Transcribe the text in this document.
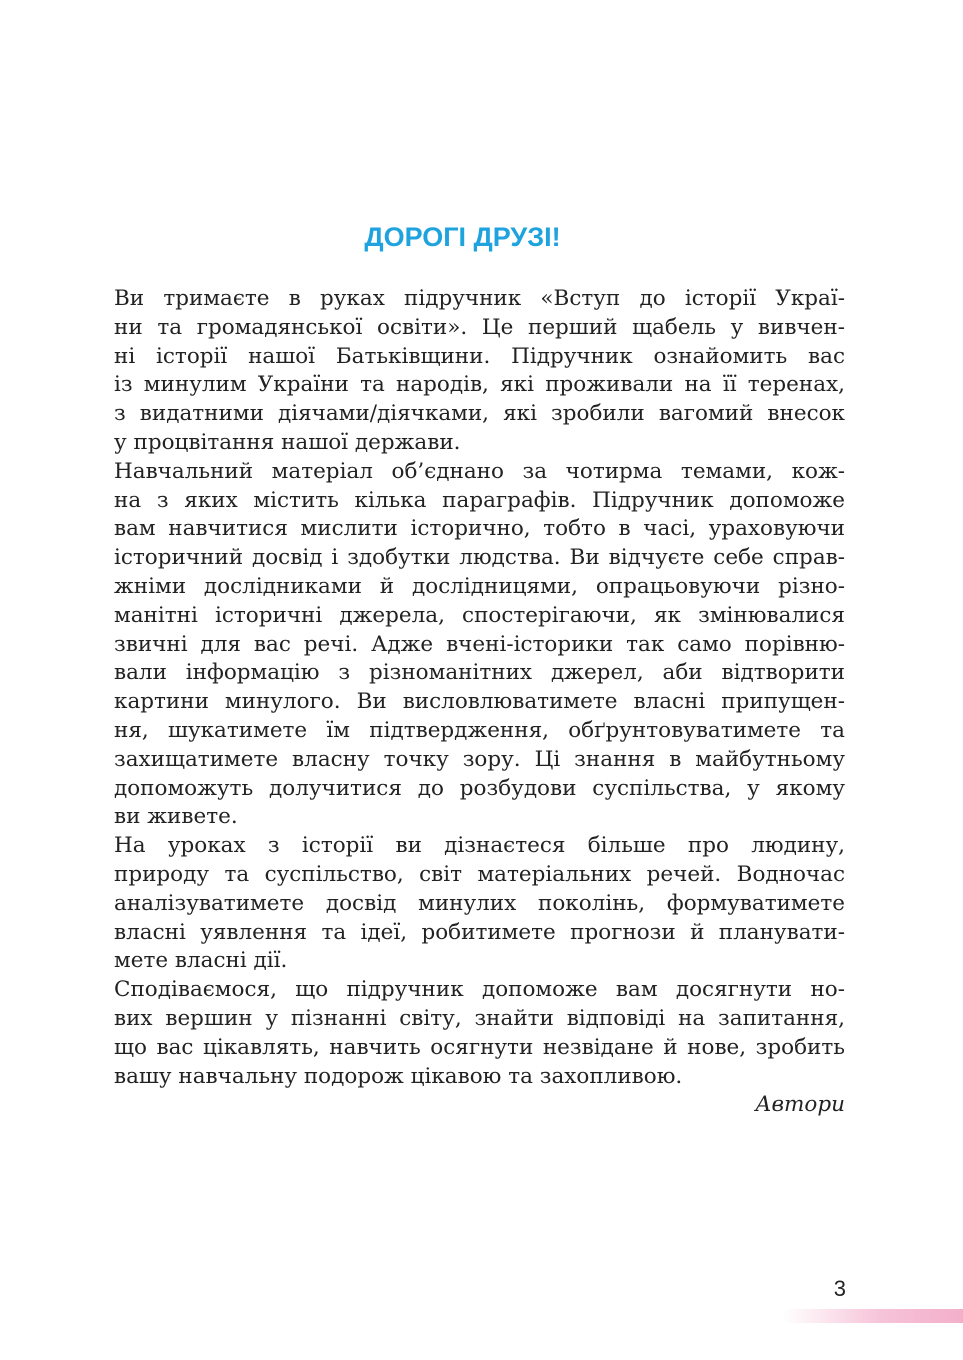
ДОРОГІ ДРУЗІ!

Ви тримаєте в руках підручник «Вступ до історії Украї-
ни та громадянської освіти». Це перший щабель у вивчен-
ні історії нашої Батьківщини. Підручник ознайомить вас
із минулим України та народів, які проживали на її теренах,
з видатними діячами/діячками, які зробили вагомий внесок
у процвітання нашої держави.

Навчальний матеріал об’єднано за чотирма темами, кож-
на з яких містить кілька параграфів. Підручник допоможе
вам навчитися мислити історично, тобто в часі, ураховуючи
історичний досвід і здобутки людства. Ви відчуєте себе справ-
жніми дослідниками й дослідницями, опрацьовуючи різно-
манітні історичні джерела, спостерігаючи, як змінювалися
звичні для вас речі. Адже вчені-історики так само порівню-
вали інформацію з різноманітних джерел, аби відтворити
картини минулого. Ви висловлюватимете власні припущен-
ня, шукатимете їм підтвердження, обґрунтовуватимете та
захищатимете власну точку зору. Ці знання в майбутньому
допоможуть долучитися до розбудови суспільства, у якому
ви живете.

На уроках з історії ви дізнаєтеся більше про людину,
природу та суспільство, світ матеріальних речей. Водночас
аналізуватимете досвід минулих поколінь, формуватимете
власні уявлення та ідеї, робитимете прогнози й планувати-
мете власні дії.

Сподіваємося, що підручник допоможе вам досягнути но-
вих вершин у пізнанні світу, знайти відповіді на запитання,
що вас цікавлять, навчить осягнути незвідане й нове, зробить
вашу навчальну подорож цікавою та захопливою.

Автори

3
